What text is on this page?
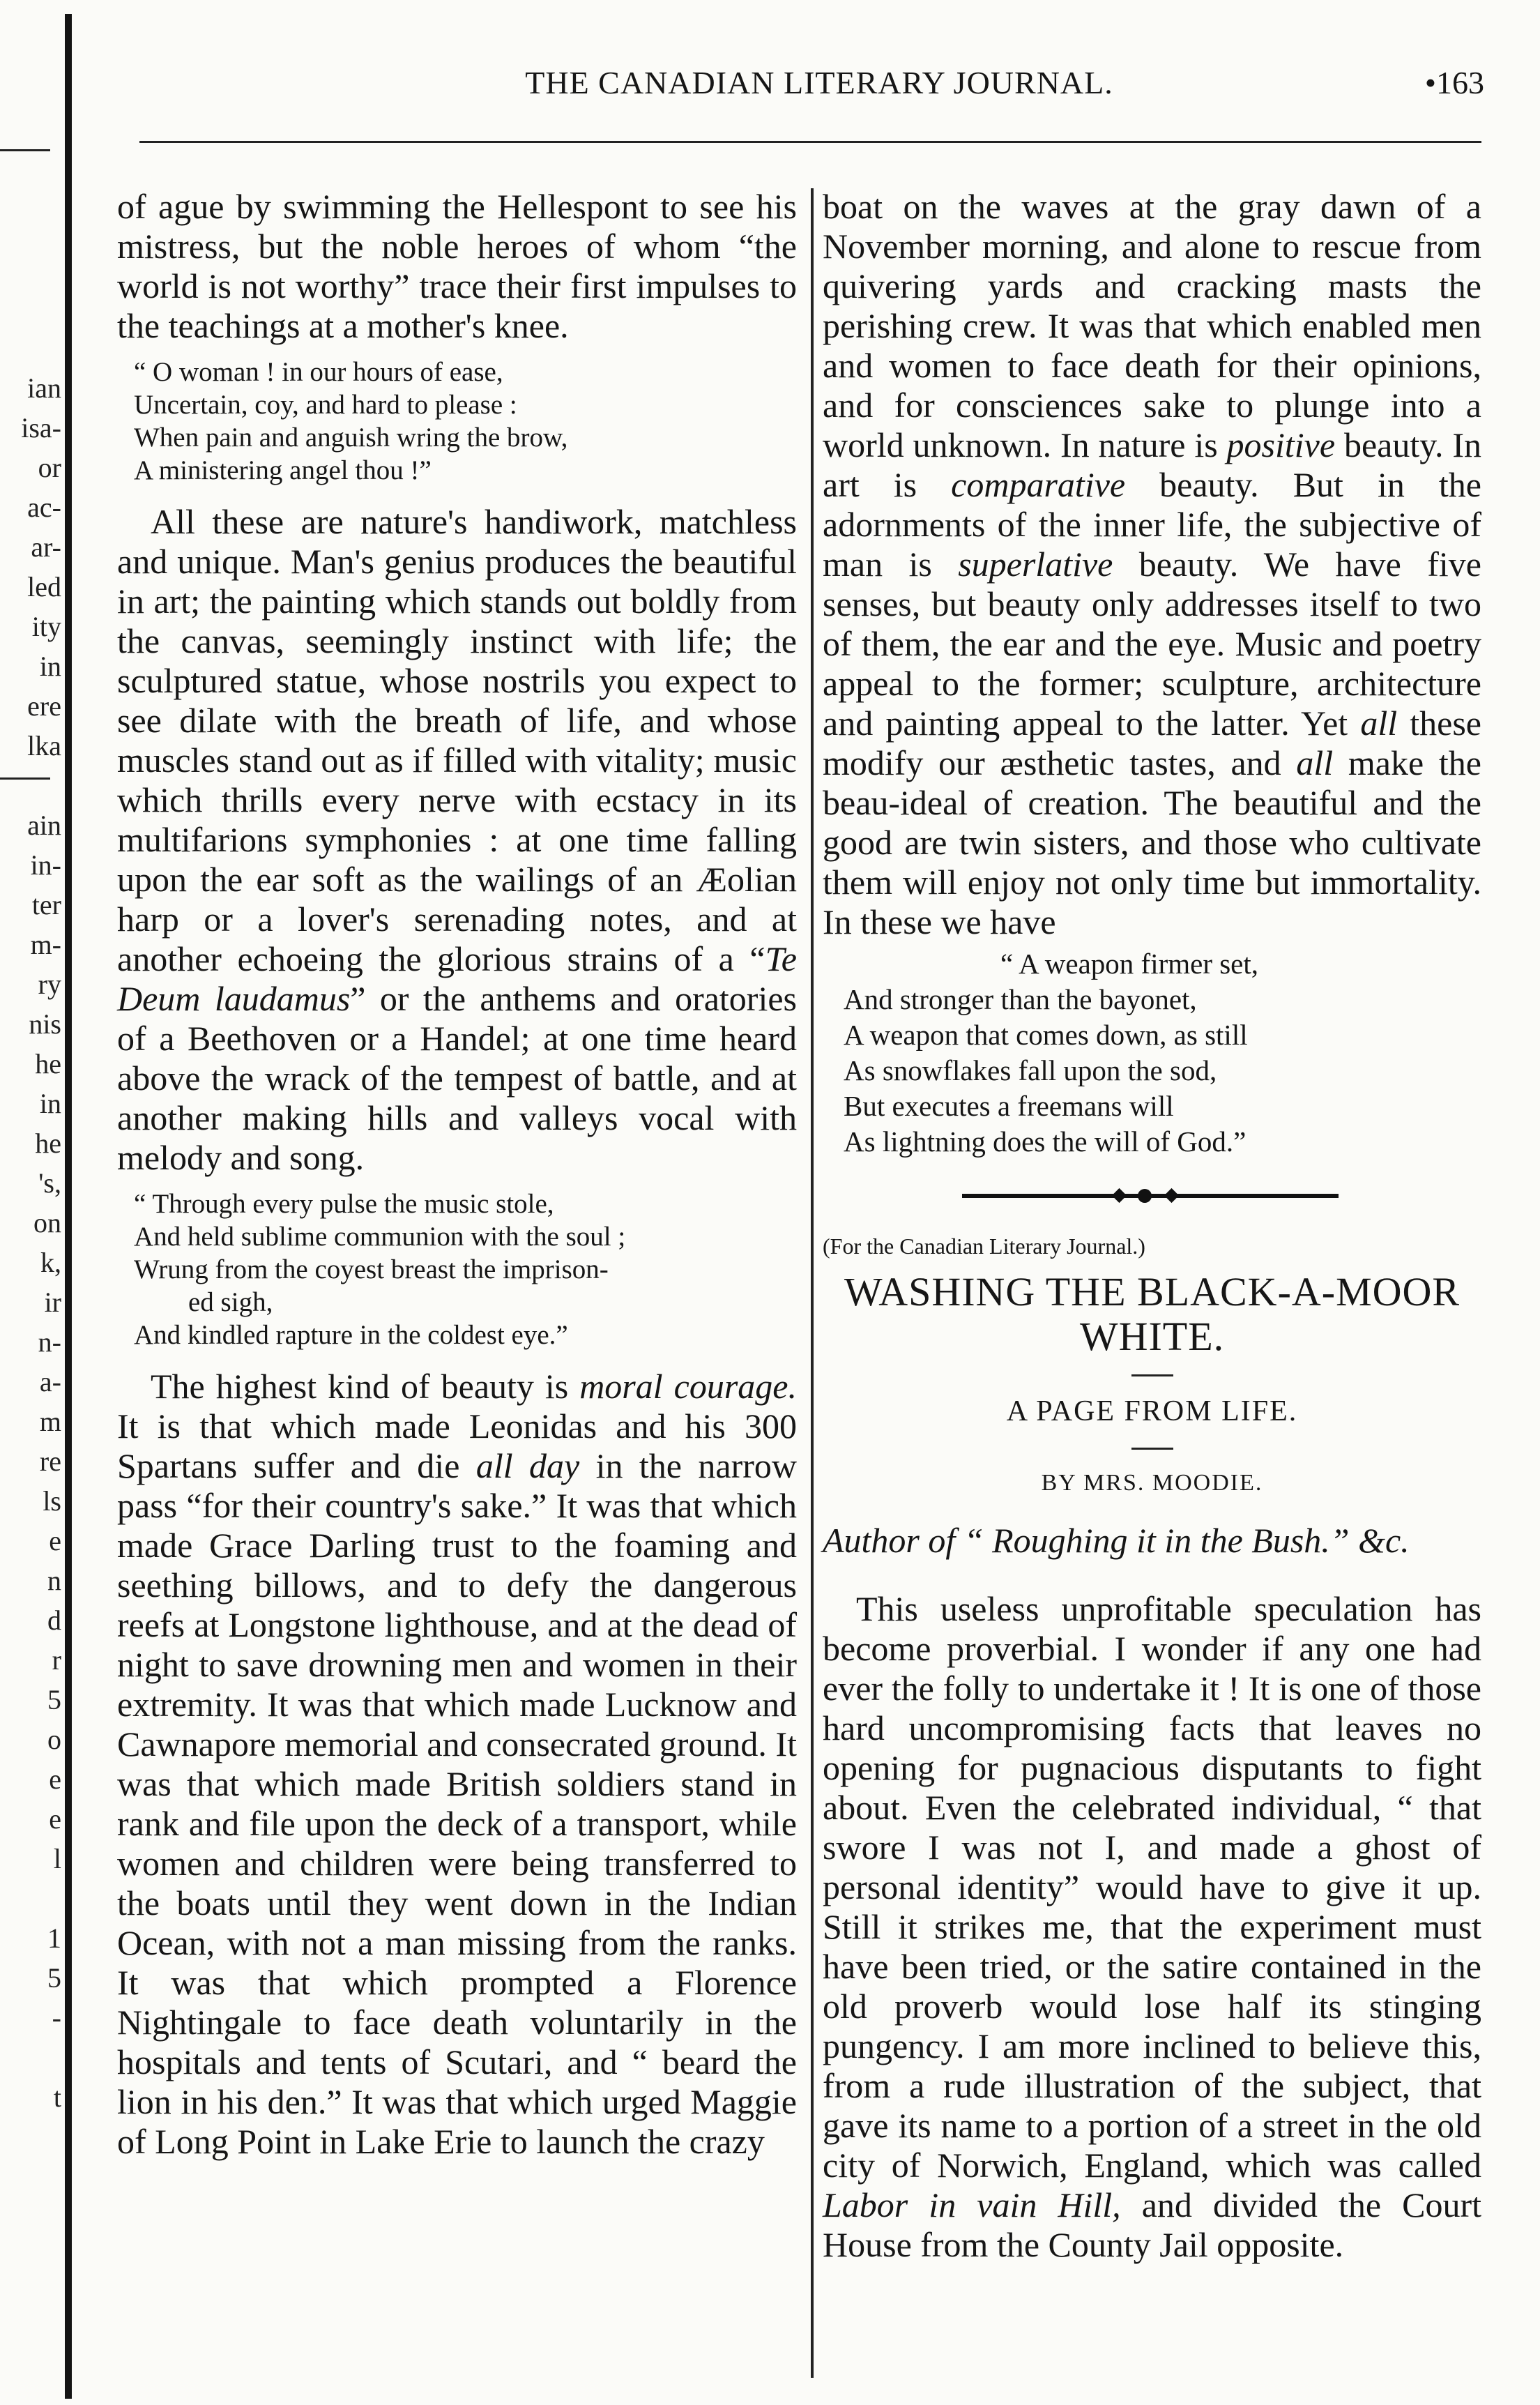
ian
isa-
or
ac-
ar-
led
ity
in
ere
lka

ain
in-
ter
m-
ry
nis
he
in
he
's,
on
k,
ir
n-
a-
m
re
ls
e
n
d
r
5
o
e
e
l

1
5
-

t

THE CANADIAN LITERARY JOURNAL.	•163

of ague by swimming the Hellespont to see his mistress, but the noble heroes of whom “the world is not worthy” trace their first impulses to the teachings at a mother's knee.

“ O woman ! in our hours of ease,
Uncertain, coy, and hard to please :
When pain and anguish wring the brow,
A ministering angel thou !”

All these are nature's handiwork, matchless and unique. Man's genius produces the beautiful in art; the painting which stands out boldly from the canvas, seemingly instinct with life; the sculptured statue, whose nostrils you expect to see dilate with the breath of life, and whose muscles stand out as if filled with vitality; music which thrills every nerve with ecstacy in its multifarions symphonies : at one time falling upon the ear soft as the wailings of an Æolian harp or a lover's serenading notes, and at another echoeing the glorious strains of a “Te Deum laudamus” or the anthems and oratories of a Beethoven or a Handel; at one time heard above the wrack of the tempest of battle, and at another making hills and valleys vocal with melody and song.

“ Through every pulse the music stole,
And held sublime communion with the soul ;
Wrung from the coyest breast the imprison-
ed sigh,
And kindled rapture in the coldest eye.”

The highest kind of beauty is moral courage. It is that which made Leonidas and his 300 Spartans suffer and die all day in the narrow pass “for their country's sake.” It was that which made Grace Darling trust to the foaming and seething billows, and to defy the dangerous reefs at Longstone lighthouse, and at the dead of night to save drowning men and women in their extremity. It was that which made Lucknow and Cawnapore memorial and consecrated ground. It was that which made British soldiers stand in rank and file upon the deck of a transport, while women and children were being transferred to the boats until they went down in the Indian Ocean, with not a man missing from the ranks. It was that which prompted a Florence Nightingale to face death voluntarily in the hospitals and tents of Scutari, and “ beard the lion in his den.” It was that which urged Maggie of Long Point in Lake Erie to launch the crazy

boat on the waves at the gray dawn of a November morning, and alone to rescue from quivering yards and cracking masts the perishing crew. It was that which enabled men and women to face death for their opinions, and for consciences sake to plunge into a world unknown. In nature is positive beauty. In art is comparative beauty. But in the adornments of the inner life, the subjective of man is superlative beauty. We have five senses, but beauty only addresses itself to two of them, the ear and the eye. Music and poetry appeal to the former; sculpture, architecture and painting appeal to the latter. Yet all these modify our æsthetic tastes, and all make the beau-ideal of creation. The beautiful and the good are twin sisters, and those who cultivate them will enjoy not only time but immortality. In these we have

“ A weapon firmer set,
And stronger than the bayonet,
A weapon that comes down, as still
As snowflakes fall upon the sod,
But executes a freemans will
As lightning does the will of God.”
(For the Canadian Literary Journal.)
WASHING THE BLACK-A-MOOR WHITE.
A PAGE FROM LIFE.
BY MRS. MOODIE.
Author of “ Roughing it in the Bush.” &c.

This useless unprofitable speculation has become proverbial. I wonder if any one had ever the folly to undertake it ! It is one of those hard uncompromising facts that leaves no opening for pugnacious disputants to fight about. Even the celebrated individual, “ that swore I was not I, and made a ghost of personal identity” would have to give it up. Still it strikes me, that the experiment must have been tried, or the satire contained in the old proverb would lose half its stinging pungency. I am more inclined to believe this, from a rude illustration of the subject, that gave its name to a portion of a street in the old city of Norwich, England, which was called Labor in vain Hill, and divided the Court House from the County Jail opposite.
